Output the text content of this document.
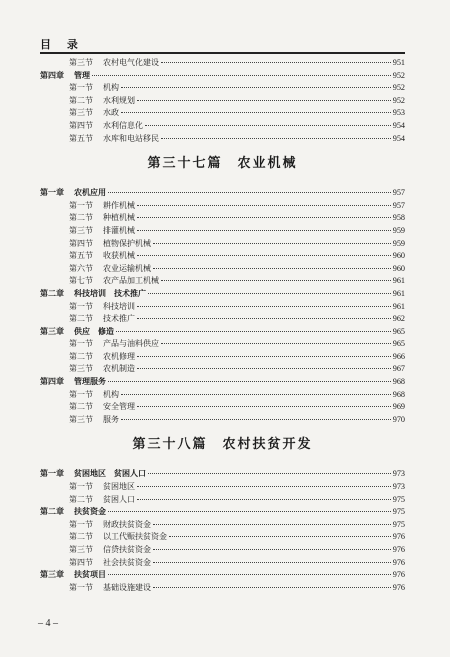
目 录
第三节 农村电气化建设	951
第四章 管理	952
第一节 机构	952
第二节 水利规划	952
第三节 水政	953
第四节 水利信息化	954
第五节 水库和电站移民	954
第三十七篇　农业机械
第一章 农机应用	957
第一节 耕作机械	957
第二节 种植机械	958
第三节 排灌机械	959
第四节 植物保护机械	959
第五节 收获机械	960
第六节 农业运输机械	960
第七节 农产品加工机械	961
第二章 科技培训　技术推广	961
第一节 科技培训	961
第二节 技术推广	962
第三章 供应　修造	965
第一节 产品与油料供应	965
第二节 农机修理	966
第三节 农机制造	967
第四章 管理服务	968
第一节 机构	968
第二节 安全管理	969
第三节 服务	970
第三十八篇　农村扶贫开发
第一章 贫困地区　贫困人口	973
第一节 贫困地区	973
第二节 贫困人口	975
第二章 扶贫资金	975
第一节 财政扶贫资金	975
第二节 以工代赈扶贫资金	976
第三节 信贷扶贫资金	976
第四节 社会扶贫资金	976
第三章 扶贫项目	976
第一节 基础设施建设	976
– 4 –
